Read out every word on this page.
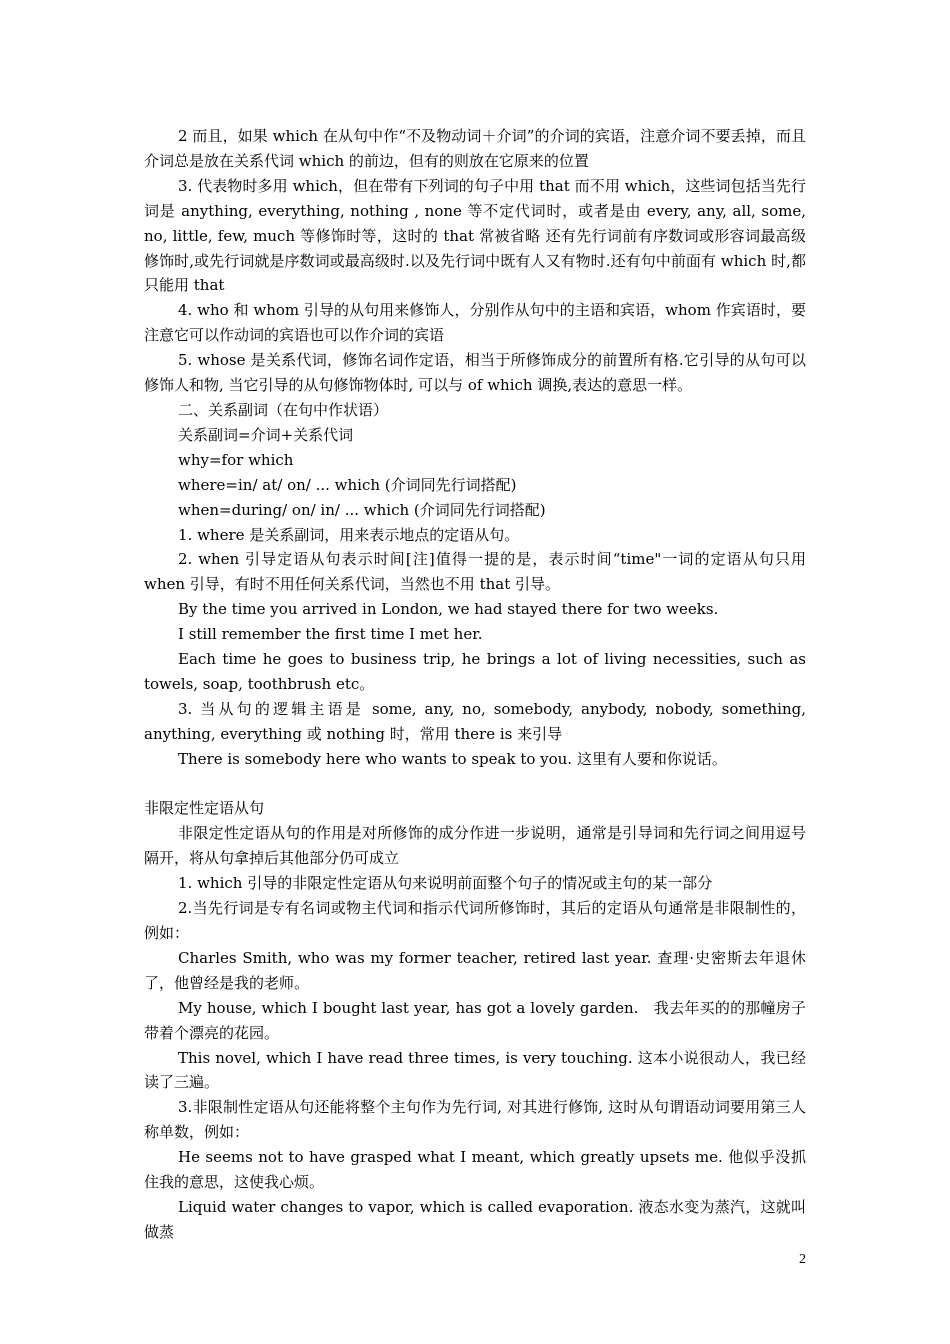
2 而且，如果 which 在从句中作“不及物动词＋介词”的介词的宾语，注意介词不要丢掉，而且介词总是放在关系代词 which 的前边，但有的则放在它原来的位置

3. 代表物时多用 which，但在带有下列词的句子中用 that 而不用 which，这些词包括当先行词是 anything, everything, nothing , none 等不定代词时，或者是由 every, any, all, some, no, little, few, much 等修饰时等，这时的 that 常被省略 还有先行词前有序数词或形容词最高级修饰时,或先行词就是序数词或最高级时.以及先行词中既有人又有物时.还有句中前面有 which 时,都只能用 that

4. who 和 whom 引导的从句用来修饰人，分别作从句中的主语和宾语，whom 作宾语时，要注意它可以作动词的宾语也可以作介词的宾语

5. whose 是关系代词，修饰名词作定语，相当于所修饰成分的前置所有格.它引导的从句可以修饰人和物, 当它引导的从句修饰物体时, 可以与 of which 调换,表达的意思一样。

二、关系副词（在句中作状语）

关系副词=介词+关系代词

why=for which

where=in/ at/ on/ ... which (介词同先行词搭配)

when=during/ on/ in/ ... which (介词同先行词搭配)

1. where 是关系副词，用来表示地点的定语从句。

2. when 引导定语从句表示时间[注]值得一提的是，表示时间“time"一词的定语从句只用 when 引导，有时不用任何关系代词，当然也不用 that 引导。

By the time you arrived in London, we had stayed there for two weeks.

I still remember the first time I met her.

Each time he goes to business trip, he brings a lot of living necessities, such as towels, soap, toothbrush etc。

3. 当从句的逻辑主语是 some, any, no, somebody, anybody, nobody, something, anything, everything 或 nothing 时，常用 there is 来引导

There is somebody here who wants to speak to you. 这里有人要和你说话。

非限定性定语从句

非限定性定语从句的作用是对所修饰的成分作进一步说明，通常是引导词和先行词之间用逗号隔开，将从句拿掉后其他部分仍可成立

1. which 引导的非限定性定语从句来说明前面整个句子的情况或主句的某一部分

2.当先行词是专有名词或物主代词和指示代词所修饰时，其后的定语从句通常是非限制性的，例如：

Charles Smith, who was my former teacher, retired last year. 查理·史密斯去年退休了，他曾经是我的老师。

My house, which I bought last year, has got a lovely garden.　我去年买的的那幢房子带着个漂亮的花园。

This novel, which I have read three times, is very touching. 这本小说很动人，我已经读了三遍。

3.非限制性定语从句还能将整个主句作为先行词, 对其进行修饰, 这时从句谓语动词要用第三人称单数，例如：

He seems not to have grasped what I meant, which greatly upsets me. 他似乎没抓住我的意思，这使我心烦。

Liquid water changes to vapor, which is called evaporation. 液态水变为蒸汽，这就叫做蒸

2
